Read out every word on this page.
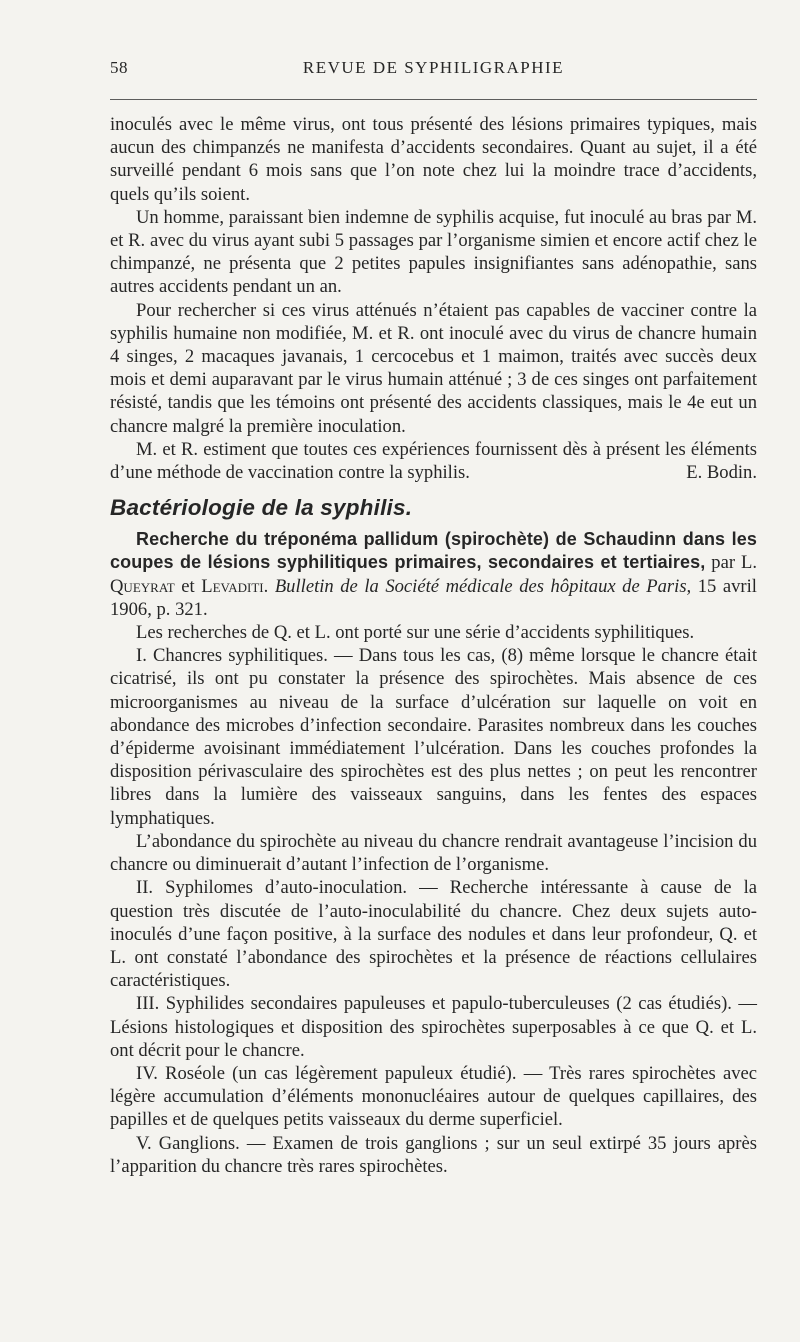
58	REVUE DE SYPHILIGRAPHIE

inoculés avec le même virus, ont tous présenté des lésions primaires typiques, mais aucun des chimpanzés ne manifesta d’accidents secondaires. Quant au sujet, il a été surveillé pendant 6 mois sans que l’on note chez lui la moindre trace d’accidents, quels qu’ils soient.

Un homme, paraissant bien indemne de syphilis acquise, fut inoculé au bras par M. et R. avec du virus ayant subi 5 passages par l’organisme simien et encore actif chez le chimpanzé, ne présenta que 2 petites papules insignifiantes sans adénopathie, sans autres accidents pendant un an.

Pour rechercher si ces virus atténués n’étaient pas capables de vacciner contre la syphilis humaine non modifiée, M. et R. ont inoculé avec du virus de chancre humain 4 singes, 2 macaques javanais, 1 cercocebus et 1 maimon, traités avec succès deux mois et demi auparavant par le virus humain atténué ; 3 de ces singes ont parfaitement résisté, tandis que les témoins ont présenté des accidents classiques, mais le 4e eut un chancre malgré la première inoculation.

M. et R. estiment que toutes ces expériences fournissent dès à présent les éléments d’une méthode de vaccination contre la syphilis.	E. Bodin.

Bactériologie de la syphilis.

Recherche du tréponéma pallidum (spirochète) de Schaudinn dans les coupes de lésions syphilitiques primaires, secondaires et tertiaires, par L. Queyrat et Levaditi. Bulletin de la Société médicale des hôpitaux de Paris, 15 avril 1906, p. 321.

Les recherches de Q. et L. ont porté sur une série d’accidents syphilitiques.

I. Chancres syphilitiques. — Dans tous les cas, (8) même lorsque le chancre était cicatrisé, ils ont pu constater la présence des spirochètes. Mais absence de ces microorganismes au niveau de la surface d’ulcération sur laquelle on voit en abondance des microbes d’infection secondaire. Parasites nombreux dans les couches d’épiderme avoisinant immédiatement l’ulcération. Dans les couches profondes la disposition périvasculaire des spirochètes est des plus nettes ; on peut les rencontrer libres dans la lumière des vaisseaux sanguins, dans les fentes des espaces lymphatiques.

L’abondance du spirochète au niveau du chancre rendrait avantageuse l’incision du chancre ou diminuerait d’autant l’infection de l’organisme.

II. Syphilomes d’auto-inoculation. — Recherche intéressante à cause de la question très discutée de l’auto-inoculabilité du chancre. Chez deux sujets auto-inoculés d’une façon positive, à la surface des nodules et dans leur profondeur, Q. et L. ont constaté l’abondance des spirochètes et la présence de réactions cellulaires caractéristiques.

III. Syphilides secondaires papuleuses et papulo-tuberculeuses (2 cas étudiés). — Lésions histologiques et disposition des spirochètes superposables à ce que Q. et L. ont décrit pour le chancre.

IV. Roséole (un cas légèrement papuleux étudié). — Très rares spirochètes avec légère accumulation d’éléments mononucléaires autour de quelques capillaires, des papilles et de quelques petits vaisseaux du derme superficiel.

V. Ganglions. — Examen de trois ganglions ; sur un seul extirpé 35 jours après l’apparition du chancre très rares spirochètes.
